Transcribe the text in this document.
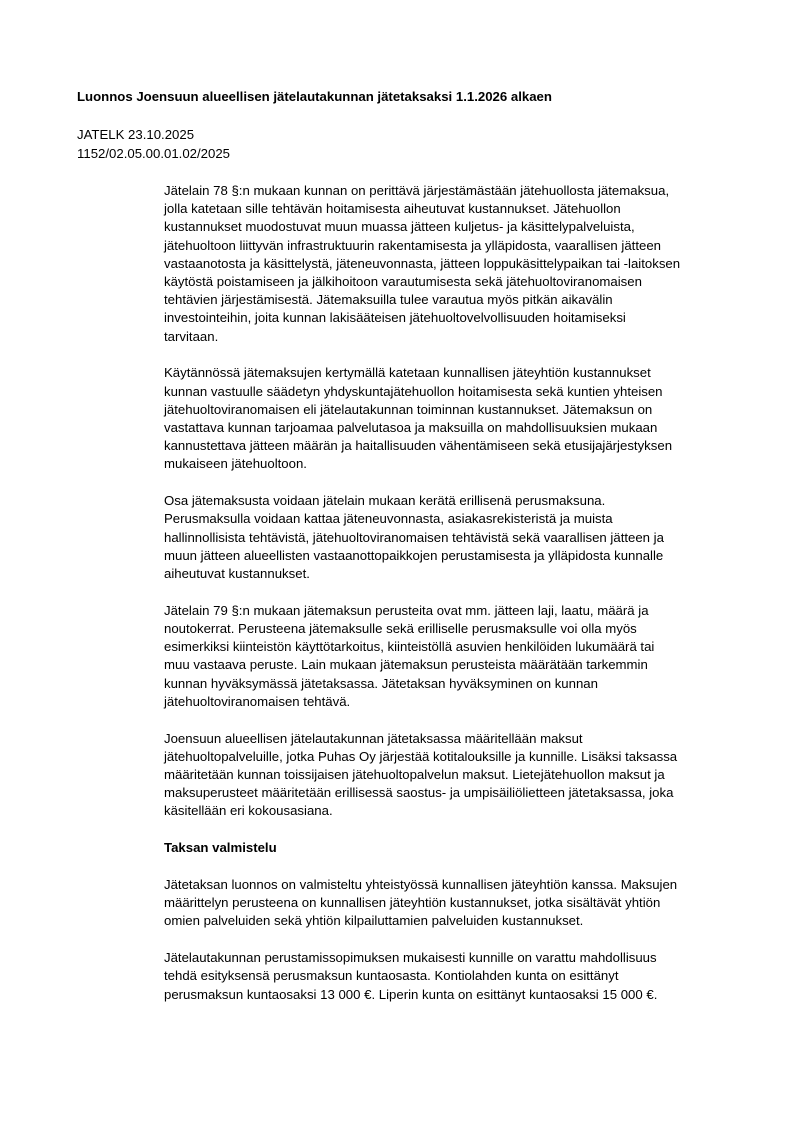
Luonnos Joensuun alueellisen jätelautakunnan jätetaksaksi 1.1.2026 alkaen
JATELK 23.10.2025
1152/02.05.00.01.02/2025
Jätelain 78 §:n mukaan kunnan on perittävä järjestämästään jätehuollosta jätemaksua,
jolla katetaan sille tehtävän hoitamisesta aiheutuvat kustannukset. Jätehuollon
kustannukset muodostuvat muun muassa jätteen kuljetus- ja käsittelypalveluista,
jätehuoltoon liittyvän infrastruktuurin rakentamisesta ja ylläpidosta, vaarallisen jätteen
vastaanotosta ja käsittelystä, jäteneuvonnasta, jätteen loppukäsittelypaikan tai -laitoksen
käytöstä poistamiseen ja jälkihoitoon varautumisesta sekä jätehuoltoviranomaisen
tehtävien järjestämisestä. Jätemaksuilla tulee varautua myös pitkän aikavälin
investointeihin, joita kunnan lakisääteisen jätehuoltovelvollisuuden hoitamiseksi
tarvitaan.
Käytännössä jätemaksujen kertymällä katetaan kunnallisen jäteyhtiön kustannukset
kunnan vastuulle säädetyn yhdyskuntajätehuollon hoitamisesta sekä kuntien yhteisen
jätehuoltoviranomaisen eli jätelautakunnan toiminnan kustannukset. Jätemaksun on
vastattava kunnan tarjoamaa palvelutasoa ja maksuilla on mahdollisuuksien mukaan
kannustettava jätteen määrän ja haitallisuuden vähentämiseen sekä etusijajärjestyksen
mukaiseen jätehuoltoon.
Osa jätemaksusta voidaan jätelain mukaan kerätä erillisenä perusmaksuna.
Perusmaksulla voidaan kattaa jäteneuvonnasta, asiakasrekisteristä ja muista
hallinnollisista tehtävistä, jätehuoltoviranomaisen tehtävistä sekä vaarallisen jätteen ja
muun jätteen alueellisten vastaanottopaikkojen perustamisesta ja ylläpidosta kunnalle
aiheutuvat kustannukset.
Jätelain 79 §:n mukaan jätemaksun perusteita ovat mm. jätteen laji, laatu, määrä ja
noutokerrat. Perusteena jätemaksulle sekä erilliselle perusmaksulle voi olla myös
esimerkiksi kiinteistön käyttötarkoitus, kiinteistöllä asuvien henkilöiden lukumäärä tai
muu vastaava peruste. Lain mukaan jätemaksun perusteista määrätään tarkemmin
kunnan hyväksymässä jätetaksassa. Jätetaksan hyväksyminen on kunnan
jätehuoltoviranomaisen tehtävä.
Joensuun alueellisen jätelautakunnan jätetaksassa määritellään maksut
jätehuoltopalveluille, jotka Puhas Oy järjestää kotitalouksille ja kunnille. Lisäksi taksassa
määritetään kunnan toissijaisen jätehuoltopalvelun maksut. Lietejätehuollon maksut ja
maksuperusteet määritetään erillisessä saostus- ja umpisäiliölietteen jätetaksassa, joka
käsitellään eri kokousasiana.
Taksan valmistelu
Jätetaksan luonnos on valmisteltu yhteistyössä kunnallisen jäteyhtiön kanssa. Maksujen
määrittelyn perusteena on kunnallisen jäteyhtiön kustannukset, jotka sisältävät yhtiön
omien palveluiden sekä yhtiön kilpailuttamien palveluiden kustannukset.
Jätelautakunnan perustamissopimuksen mukaisesti kunnille on varattu mahdollisuus
tehdä esityksensä perusmaksun kuntaosasta. Kontiolahden kunta on esittänyt
perusmaksun kuntaosaksi 13 000 €. Liperin kunta on esittänyt kuntaosaksi 15 000 €.
